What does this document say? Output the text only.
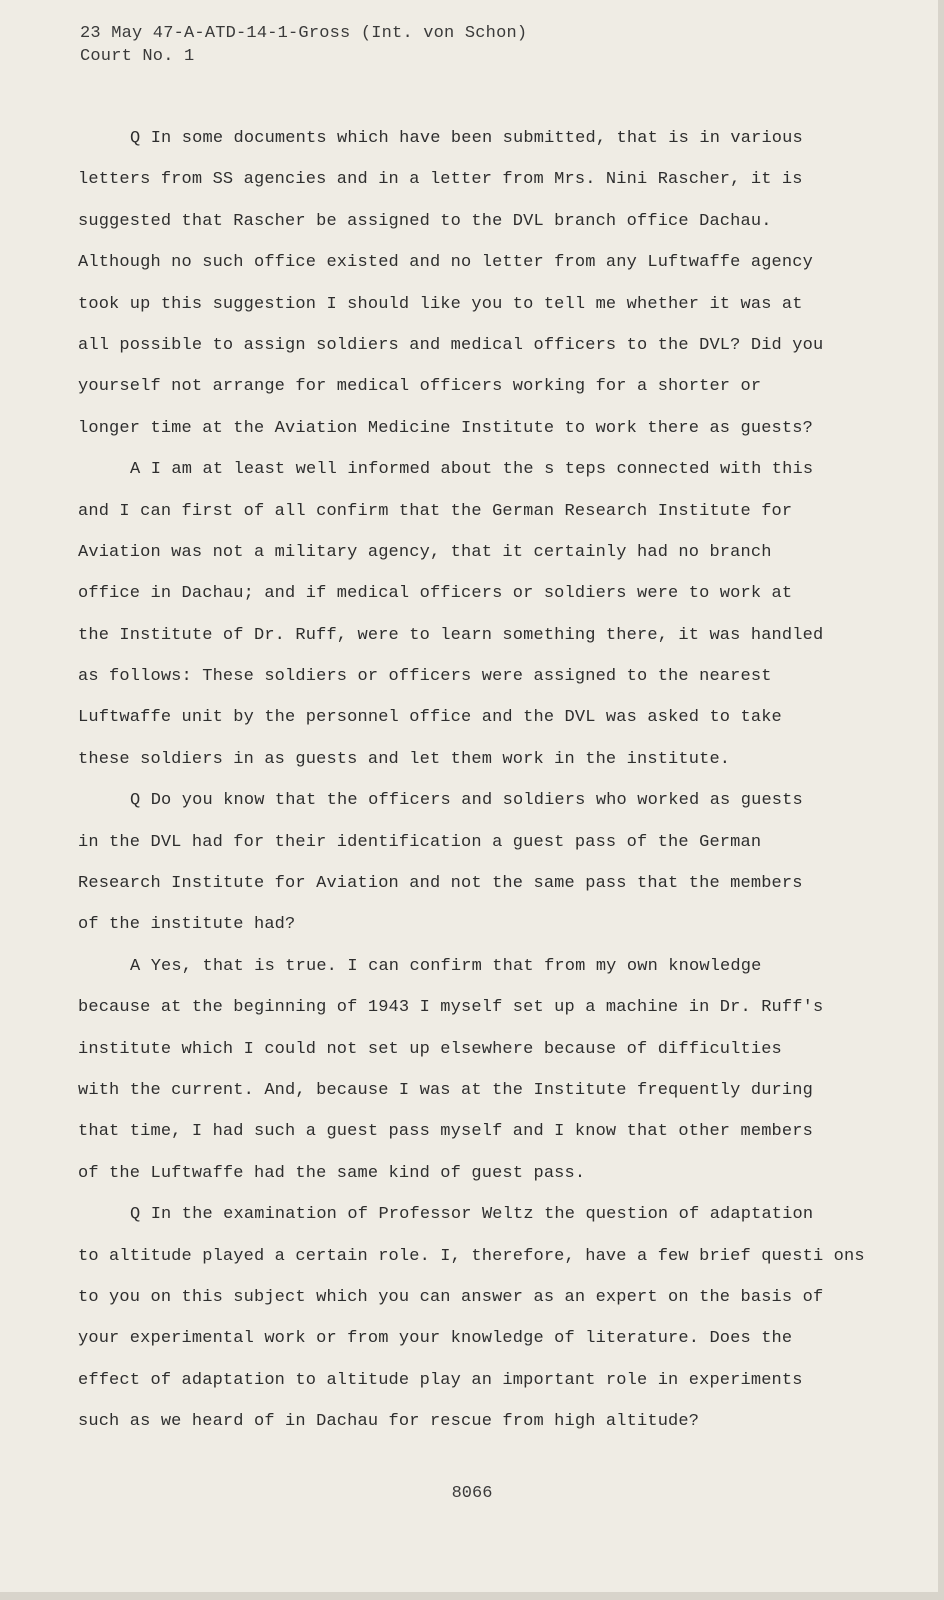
23 May 47-A-ATD-14-1-Gross (Int. von Schon)
Court No. 1
Q In some documents which have been submitted, that is in various
letters from SS agencies and in a letter from Mrs. Nini Rascher, it is
suggested that Rascher be assigned to the DVL branch office Dachau.
Although no such office existed and no letter from any Luftwaffe agency
took up this suggestion I should like you to tell me whether it was at
all possible to assign soldiers and medical officers to the DVL? Did you
yourself not arrange for medical officers working for a shorter or
longer time at the Aviation Medicine Institute to work there as guests?
A I am at least well informed about the s teps connected with this
and I can first of all confirm that the German Research Institute for
Aviation was not a military agency, that it certainly had no branch
office in Dachau; and if medical officers or soldiers were to work at
the Institute of Dr. Ruff, were to learn something there, it was handled
as follows: These soldiers or officers were assigned to the nearest
Luftwaffe unit by the personnel office and the DVL was asked to take
these soldiers in as guests and let them work in the institute.
Q Do you know that the officers and soldiers who worked as guests
in the DVL had for their identification a guest pass of the German
Research Institute for Aviation and not the same pass that the members
of the institute had?
A Yes, that is true. I can confirm that from my own knowledge
because at the beginning of 1943 I myself set up a machine in Dr. Ruff's
institute which I could not set up elsewhere because of difficulties
with the current. And, because I was at the Institute frequently during
that time, I had such a guest pass myself and I know that other members
of the Luftwaffe had the same kind of guest pass.
Q In the examination of Professor Weltz the question of adaptation
to altitude played a certain role. I, therefore, have a few brief questi ons
to you on this subject which you can answer as an expert on the basis of
your experimental work or from your knowledge of literature. Does the
effect of adaptation to altitude play an important role in experiments
such as we heard of in Dachau for rescue from high altitude?
8066
